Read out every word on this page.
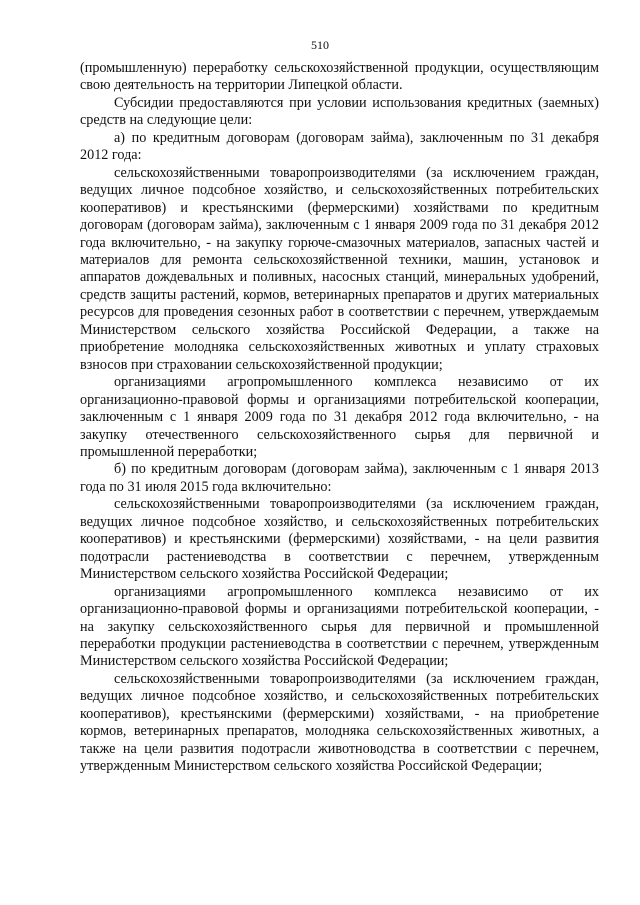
510

(промышленную) переработку сельскохозяйственной продукции, осуществляющим свою деятельность на территории Липецкой области.

Субсидии предоставляются при условии использования кредитных (заемных) средств на следующие цели:

а) по кредитным договорам (договорам займа), заключенным по 31 декабря 2012 года:

сельскохозяйственными товаропроизводителями (за исключением граждан, ведущих личное подсобное хозяйство, и сельскохозяйственных потребительских кооперативов) и крестьянскими (фермерскими) хозяйствами по кредитным договорам (договорам займа), заключенным с 1 января 2009 года по 31 декабря 2012 года включительно, - на закупку горюче-смазочных материалов, запасных частей и материалов для ремонта сельскохозяйственной техники, машин, установок и аппаратов дождевальных и поливных, насосных станций, минеральных удобрений, средств защиты растений, кормов, ветеринарных препаратов и других материальных ресурсов для проведения сезонных работ в соответствии с перечнем, утверждаемым Министерством сельского хозяйства Российской Федерации, а также на приобретение молодняка сельскохозяйственных животных и уплату страховых взносов при страховании сельскохозяйственной продукции;

организациями агропромышленного комплекса независимо от их организационно-правовой формы и организациями потребительской кооперации, заключенным с 1 января 2009 года по 31 декабря 2012 года включительно, - на закупку отечественного сельскохозяйственного сырья для первичной и промышленной переработки;

б) по кредитным договорам (договорам займа), заключенным с 1 января 2013 года по 31 июля 2015 года включительно:

сельскохозяйственными товаропроизводителями (за исключением граждан, ведущих личное подсобное хозяйство, и сельскохозяйственных потребительских кооперативов) и крестьянскими (фермерскими) хозяйствами, - на цели развития подотрасли растениеводства в соответствии с перечнем, утвержденным Министерством сельского хозяйства Российской Федерации;

организациями агропромышленного комплекса независимо от их организационно-правовой формы и организациями потребительской кооперации, - на закупку сельскохозяйственного сырья для первичной и промышленной переработки продукции растениеводства в соответствии с перечнем, утвержденным Министерством сельского хозяйства Российской Федерации;

сельскохозяйственными товаропроизводителями (за исключением граждан, ведущих личное подсобное хозяйство, и сельскохозяйственных потребительских кооперативов), крестьянскими (фермерскими) хозяйствами, - на приобретение кормов, ветеринарных препаратов, молодняка сельскохозяйственных животных, а также на цели развития подотрасли животноводства в соответствии с перечнем, утвержденным Министерством сельского хозяйства Российской Федерации;
